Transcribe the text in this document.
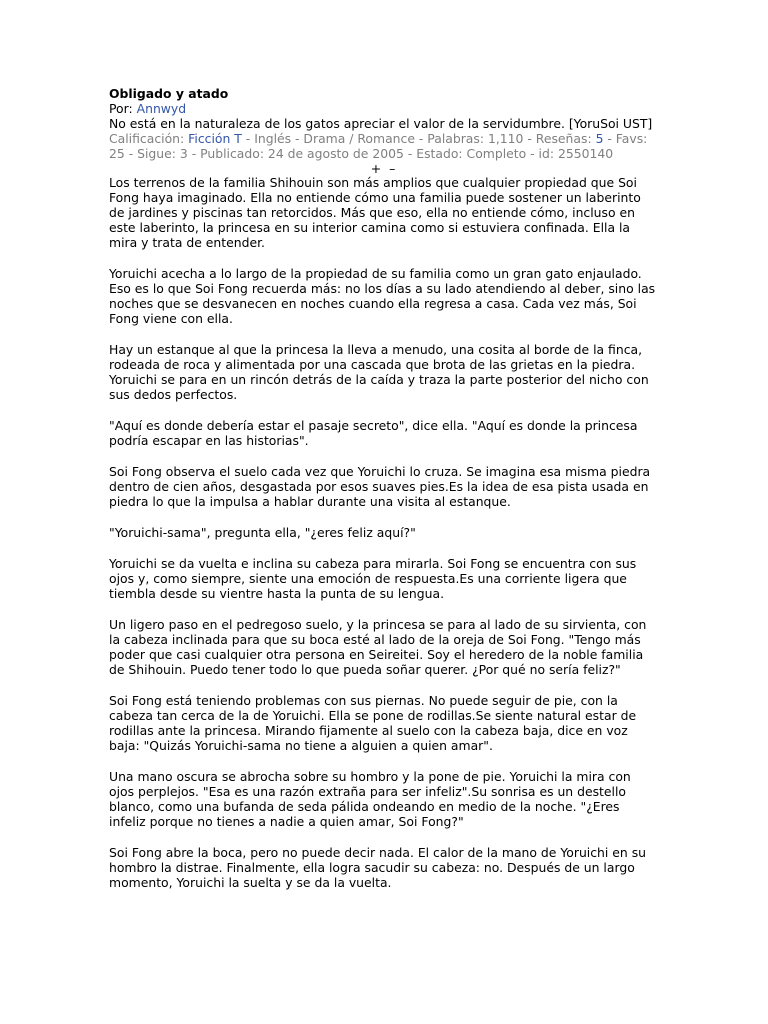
Obligado y atado
Por: Annwyd
No está en la naturaleza de los gatos apreciar el valor de la servidumbre. [YoruSoi UST]
Calificación: Ficción T - Inglés - Drama / Romance - Palabras: 1,110 - Reseñas: 5 - Favs: 25 - Sigue: 3 - Publicado: 24 de agosto de 2005 - Estado: Completo - id: 2550140
+ –

Los terrenos de la familia Shihouin son más amplios que cualquier propiedad que Soi Fong haya imaginado. Ella no entiende cómo una familia puede sostener un laberinto de jardines y piscinas tan retorcidos. Más que eso, ella no entiende cómo, incluso en este laberinto, la princesa en su interior camina como si estuviera confinada. Ella la mira y trata de entender.

Yoruichi acecha a lo largo de la propiedad de su familia como un gran gato enjaulado. Eso es lo que Soi Fong recuerda más: no los días a su lado atendiendo al deber, sino las noches que se desvanecen en noches cuando ella regresa a casa. Cada vez más, Soi Fong viene con ella.

Hay un estanque al que la princesa la lleva a menudo, una cosita al borde de la finca, rodeada de roca y alimentada por una cascada que brota de las grietas en la piedra. Yoruichi se para en un rincón detrás de la caída y traza la parte posterior del nicho con sus dedos perfectos.

"Aquí es donde debería estar el pasaje secreto", dice ella. "Aquí es donde la princesa podría escapar en las historias".

Soi Fong observa el suelo cada vez que Yoruichi lo cruza. Se imagina esa misma piedra dentro de cien años, desgastada por esos suaves pies.Es la idea de esa pista usada en piedra lo que la impulsa a hablar durante una visita al estanque.

"Yoruichi-sama", pregunta ella, "¿eres feliz aquí?"

Yoruichi se da vuelta e inclina su cabeza para mirarla. Soi Fong se encuentra con sus ojos y, como siempre, siente una emoción de respuesta.Es una corriente ligera que tiembla desde su vientre hasta la punta de su lengua.

Un ligero paso en el pedregoso suelo, y la princesa se para al lado de su sirvienta, con la cabeza inclinada para que su boca esté al lado de la oreja de Soi Fong. "Tengo más poder que casi cualquier otra persona en Seireitei. Soy el heredero de la noble familia de Shihouin. Puedo tener todo lo que pueda soñar querer. ¿Por qué no sería feliz?"

Soi Fong está teniendo problemas con sus piernas. No puede seguir de pie, con la cabeza tan cerca de la de Yoruichi. Ella se pone de rodillas.Se siente natural estar de rodillas ante la princesa. Mirando fijamente al suelo con la cabeza baja, dice en voz baja: "Quizás Yoruichi-sama no tiene a alguien a quien amar".

Una mano oscura se abrocha sobre su hombro y la pone de pie. Yoruichi la mira con ojos perplejos. "Esa es una razón extraña para ser infeliz".Su sonrisa es un destello blanco, como una bufanda de seda pálida ondeando en medio de la noche. "¿Eres infeliz porque no tienes a nadie a quien amar, Soi Fong?"

Soi Fong abre la boca, pero no puede decir nada. El calor de la mano de Yoruichi en su hombro la distrae. Finalmente, ella logra sacudir su cabeza: no. Después de un largo momento, Yoruichi la suelta y se da la vuelta.
